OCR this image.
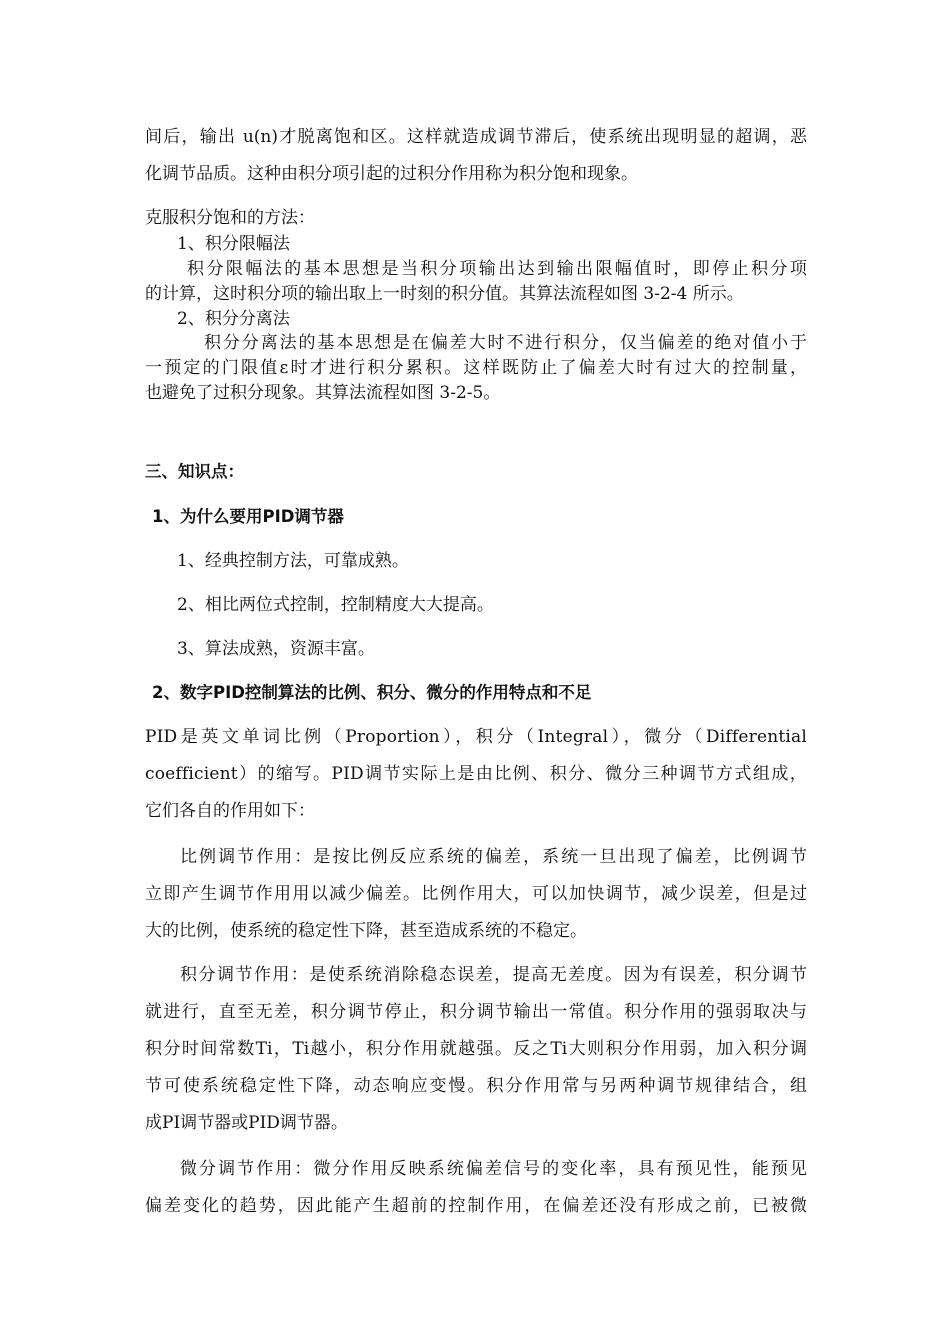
间后，输出 u(n)才脱离饱和区。这样就造成调节滞后，使系统出现明显的超调，恶
化调节品质。这种由积分项引起的过积分作用称为积分饱和现象。
克服积分饱和的方法：
1、积分限幅法
积分限幅法的基本思想是当积分项输出达到输出限幅值时，即停止积分项
的计算，这时积分项的输出取上一时刻的积分值。其算法流程如图 3-2-4 所示。
2、积分分离法
积分分离法的基本思想是在偏差大时不进行积分，仅当偏差的绝对值小于
一预定的门限值ε时才进行积分累积。这样既防止了偏差大时有过大的控制量，
也避免了过积分现象。其算法流程如图 3-2-5。
三、知识点：
1、为什么要用PID调节器
1、经典控制方法，可靠成熟。
2、相比两位式控制，控制精度大大提高。
3、算法成熟，资源丰富。
2、数字PID控制算法的比例、积分、微分的作用特点和不足
PID是英文单词比例（Proportion），积分（Integral），微分（Differential
coefficient）的缩写。PID调节实际上是由比例、积分、微分三种调节方式组成，
它们各自的作用如下：
比例调节作用：是按比例反应系统的偏差，系统一旦出现了偏差，比例调节
立即产生调节作用用以减少偏差。比例作用大，可以加快调节，减少误差，但是过
大的比例，使系统的稳定性下降，甚至造成系统的不稳定。
积分调节作用：是使系统消除稳态误差，提高无差度。因为有误差，积分调节
就进行，直至无差，积分调节停止，积分调节输出一常值。积分作用的强弱取决与
积分时间常数Ti，Ti越小，积分作用就越强。反之Ti大则积分作用弱，加入积分调
节可使系统稳定性下降，动态响应变慢。积分作用常与另两种调节规律结合，组
成PI调节器或PID调节器。
微分调节作用：微分作用反映系统偏差信号的变化率，具有预见性，能预见
偏差变化的趋势，因此能产生超前的控制作用，在偏差还没有形成之前，已被微
